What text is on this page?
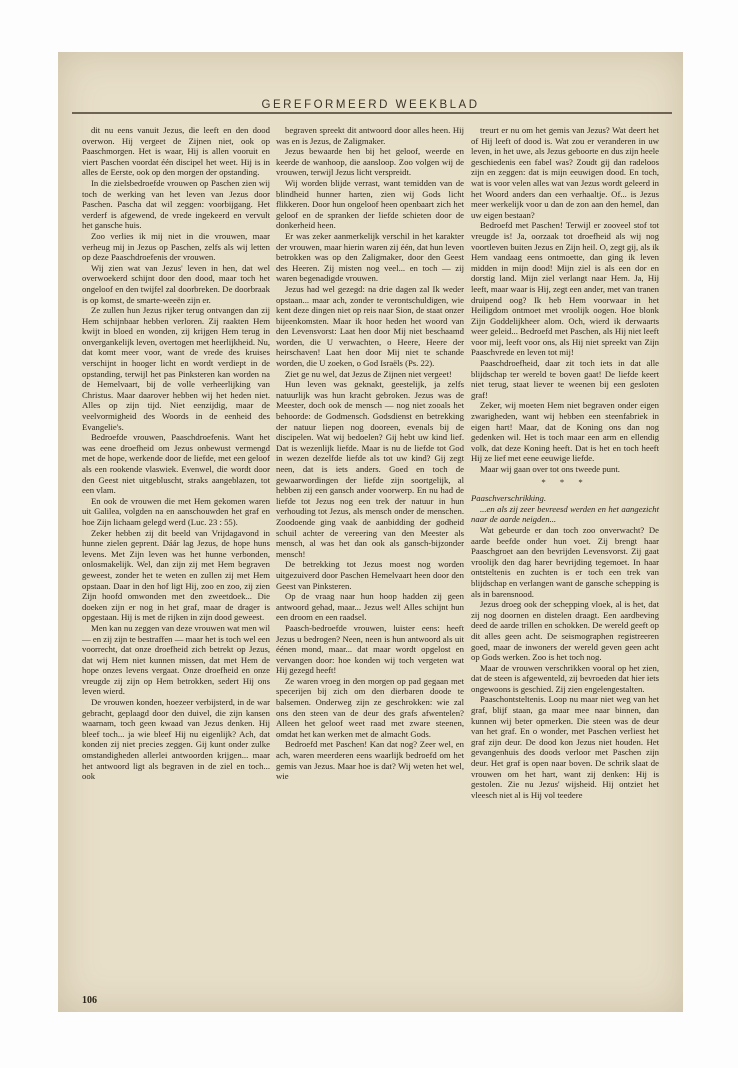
GEREFORMEERD WEEKBLAD

dit nu eens vanuit Jezus, die leeft en den dood overwon. Hij vergeet de Zijnen niet, ook op Paaschmorgen. Het is waar, Hij is allen vooruit en viert Paschen voordat één discipel het weet. Hij is in alles de Eerste, ook op den morgen der opstanding.

In die zielsbedroefde vrouwen op Paschen zien wij toch de werking van het leven van Jezus door Paschen. Pascha dat wil zeggen: voorbijgang. Het verderf is afgewend, de vrede ingekeerd en vervult het gansche huis.

Zoo verlies ik mij niet in die vrouwen, maar verheug mij in Jezus op Paschen, zelfs als wij letten op deze Paaschdroefenis der vrouwen.

Wij zien wat van Jezus' leven in hen, dat wel overwoekerd schijnt door den dood, maar toch het ongeloof en den twijfel zal doorbreken. De doorbraak is op komst, de smarte-weeën zijn er.

Ze zullen hun Jezus rijker terug ontvangen dan zij Hem schijnbaar hebben verloren. Zij raakten Hem kwijt in bloed en wonden, zij krijgen Hem terug in onvergankelijk leven, overtogen met heerlijkheid. Nu, dat komt meer voor, want de vrede des kruises verschijnt in hooger licht en wordt verdiept in de opstanding, terwijl het pas Pinksteren kan worden na de Hemelvaart, bij de volle verheerlijking van Christus. Maar daarover hebben wij het heden niet. Alles op zijn tijd. Niet eenzijdig, maar de veelvormigheid des Woords in de eenheid des Evangelie's.

Bedroefde vrouwen, Paaschdroefenis. Want het was eene droefheid om Jezus onbewust vermengd met de hope, werkende door de liefde, met een geloof als een rookende vlaswiek. Evenwel, die wordt door den Geest niet uitgebluscht, straks aangeblazen, tot een vlam.

En ook de vrouwen die met Hem gekomen waren uit Galilea, volgden na en aanschouwden het graf en hoe Zijn lichaam gelegd werd (Luc. 23 : 55).

Zeker hebben zij dit beeld van Vrijdagavond in hunne zielen geprent. Dáár lag Jezus, de hope huns levens. Met Zijn leven was het hunne verbonden, onlosmakelijk. Wel, dan zijn zij met Hem begraven geweest, zonder het te weten en zullen zij met Hem opstaan. Daar in den hof ligt Hij, zoo en zoo, zij zien Zijn hoofd omwonden met den zweetdoek... Die doeken zijn er nog in het graf, maar de drager is opgestaan. Hij is met de rijken in zijn dood geweest.

Men kan nu zeggen van deze vrouwen wat men wil — en zij zijn te bestraffen — maar het is toch wel een voorrecht, dat onze droefheid zich betrekt op Jezus, dat wij Hem niet kunnen missen, dat met Hem de hope onzes levens vergaat. Onze droefheid en onze vreugde zij zijn op Hem betrokken, sedert Hij ons leven wierd.

De vrouwen konden, hoezeer verbijsterd, in de war gebracht, geplaagd door den duivel, die zijn kansen waarnam, toch geen kwaad van Jezus denken. Hij bleef toch... ja wie bleef Hij nu eigenlijk? Ach, dat konden zij niet precies zeggen. Gij kunt onder zulke omstandigheden allerlei antwoorden krijgen... maar het antwoord ligt als begraven in de ziel en toch... ook

begraven spreekt dit antwoord door alles heen. Hij was en is Jezus, de Zaligmaker.

Jezus bewaarde hen bij het geloof, weerde en keerde de wanhoop, die aansloop. Zoo volgen wij de vrouwen, terwijl Jezus licht verspreidt.

Wij worden blijde verrast, want temidden van de blindheid hunner harten, zien wij Gods licht flikkeren. Door hun ongeloof heen openbaart zich het geloof en de spranken der liefde schieten door de donkerheid heen.

Er was zeker aanmerkelijk verschil in het karakter der vrouwen, maar hierin waren zij één, dat hun leven betrokken was op den Zaligmaker, door den Geest des Heeren. Zij misten nog veel... en toch — zij waren begenadigde vrouwen.

Jezus had wel gezegd: na drie dagen zal Ik weder opstaan... maar ach, zonder te verontschuldigen, wie kent deze dingen niet op reis naar Sion, de staat onzer bijeenkomsten. Maar ik hoor heden het woord van den Levensvorst: Laat hen door Mij niet beschaamd worden, die U verwachten, o Heere, Heere der heirschaven! Laat hen door Mij niet te schande worden, die U zoeken, o God Israëls (Ps. 22).

Ziet ge nu wel, dat Jezus de Zijnen niet vergeet!

Hun leven was geknakt, geestelijk, ja zelfs natuurlijk was hun kracht gebroken. Jezus was de Meester, doch ook de mensch — nog niet zooals het behoorde: de Godmensch. Godsdienst en betrekking der natuur liepen nog dooreen, evenals bij de discipelen. Wat wij bedoelen? Gij hebt uw kind lief. Dat is wezenlijk liefde. Maar is nu de liefde tot God in wezen dezelfde liefde als tot uw kind? Gij zegt neen, dat is iets anders. Goed en toch de gewaarwordingen der liefde zijn soortgelijk, al hebben zij een gansch ander voorwerp. En nu had de liefde tot Jezus nog een trek der natuur in hun verhouding tot Jezus, als mensch onder de menschen. Zoodoende ging vaak de aanbidding der godheid schuil achter de vereering van den Meester als mensch, al was het dan ook als gansch-bijzonder mensch!

De betrekking tot Jezus moest nog worden uitgezuiverd door Paschen Hemelvaart heen door den Geest van Pinksteren.

Op de vraag naar hun hoop hadden zij geen antwoord gehad, maar... Jezus wel! Alles schijnt hun een droom en een raadsel.

Paasch-bedroefde vrouwen, luister eens: heeft Jezus u bedrogen? Neen, neen is hun antwoord als uit éénen mond, maar... dat maar wordt opgelost en vervangen door: hoe konden wij toch vergeten wat Hij gezegd heeft!

Ze waren vroeg in den morgen op pad gegaan met specerijen bij zich om den dierbaren doode te balsemen. Onderweg zijn ze geschrokken: wie zal ons den steen van de deur des grafs afwentelen? Alleen het geloof weet raad met zware steenen, omdat het kan werken met de almacht Gods.

Bedroefd met Paschen! Kan dat nog? Zeer wel, en ach, waren meerderen eens waarlijk bedroefd om het gemis van Jezus. Maar hoe is dat? Wij weten het wel, wie

treurt er nu om het gemis van Jezus? Wat deert het of Hij leeft of dood is. Wat zou er veranderen in uw leven, in het uwe, als Jezus geboorte en dus zijn heele geschiedenis een fabel was? Zoudt gij dan radeloos zijn en zeggen: dat is mijn eeuwigen dood. En toch, wat is voor velen alles wat van Jezus wordt geleerd in het Woord anders dan een verhaaltje. Of... is Jezus meer werkelijk voor u dan de zon aan den hemel, dan uw eigen bestaan?

Bedroefd met Paschen! Terwijl er zooveel stof tot vreugde is! Ja, oorzaak tot droefheid als wij nog voortleven buiten Jezus en Zijn heil. O, zegt gij, als ik Hem vandaag eens ontmoette, dan ging ik leven midden in mijn dood! Mijn ziel is als een dor en dorstig land. Mijn ziel verlangt naar Hem. Ja, Hij leeft, maar waar is Hij, zegt een ander, met van tranen druipend oog? Ik heb Hem voorwaar in het Heiligdom ontmoet met vroolijk oogen. Hoe blonk Zijn Goddelijkheer alom. Och, wierd ik derwaarts weer geleid... Bedroefd met Paschen, als Hij niet leeft voor mij, leeft voor ons, als Hij niet spreekt van Zijn Paaschvrede en leven tot mij!

Paaschdroefheid, daar zit toch iets in dat alle blijdschap ter wereld te boven gaat! De liefde keert niet terug, staat liever te weenen bij een gesloten graf!

Zeker, wij moeten Hem niet begraven onder eigen zwarigheden, want wij hebben een steenfabriek in eigen hart! Maar, dat de Koning ons dan nog gedenken wil. Het is toch maar een arm en ellendig volk, dat deze Koning heeft. Dat is het en toch heeft Hij ze lief met eene eeuwige liefde.

Maar wij gaan over tot ons tweede punt.

* * *

Paaschverschrikking.

...en als zij zeer bevreesd werden en het aangezicht naar de aarde neigden...

Wat gebeurde er dan toch zoo onverwacht? De aarde beefde onder hun voet. Zij brengt haar Paaschgroet aan den bevrijden Levensvorst. Zij gaat vroolijk den dag harer bevrijding tegemoet. In haar ontsteltenis en zuchten is er toch een trek van blijdschap en verlangen want de gansche schepping is als in barensnood.

Jezus droeg ook der schepping vloek, al is het, dat zij nog doornen en distelen draagt. Een aardbeving deed de aarde trillen en schokken. De wereld geeft op dit alles geen acht. De seismographen registreeren goed, maar de inwoners der wereld geven geen acht op Gods werken. Zoo is het toch nog.

Maar de vrouwen verschrikken vooral op het zien, dat de steen is afgewenteld, zij bevroeden dat hier iets ongewoons is geschied. Zij zien engelengestalten.

Paaschontsteltenis. Loop nu maar niet weg van het graf, blijf staan, ga maar mee naar binnen, dan kunnen wij beter opmerken. Die steen was de deur van het graf. En o wonder, met Paschen verliest het graf zijn deur. De dood kon Jezus niet houden. Het gevangenhuis des doods verloor met Paschen zijn deur. Het graf is open naar boven. De schrik slaat de vrouwen om het hart, want zij denken: Hij is gestolen. Zie nu Jezus' wijsheid. Hij ontziet het vleesch niet al is Hij vol teedere

106
